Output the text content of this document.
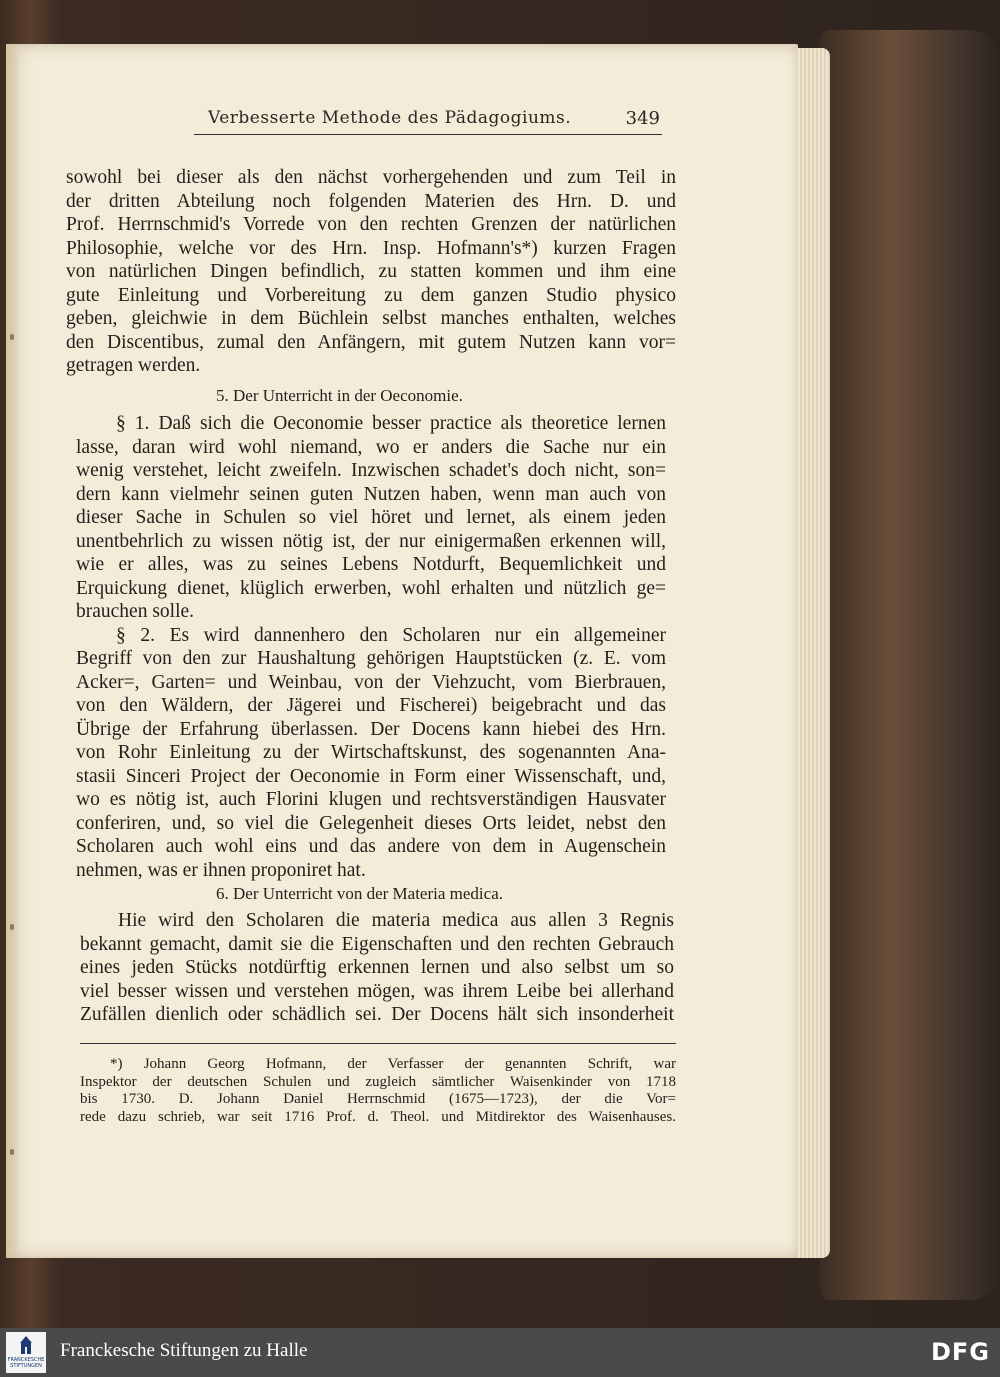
Verbesserte Methode des Pädagogiums.	349

sowohl bei dieser als den nächst vorhergehenden und zum Teil in
der dritten Abteilung noch folgenden Materien des Hrn. D. und
Prof. Herrnschmid's Vorrede von den rechten Grenzen der natürlichen
Philosophie, welche vor des Hrn. Insp. Hofmann's*) kurzen Fragen
von natürlichen Dingen befindlich, zu statten kommen und ihm eine
gute Einleitung und Vorbereitung zu dem ganzen Studio physico
geben, gleichwie in dem Büchlein selbst manches enthalten, welches
den Discentibus, zumal den Anfängern, mit gutem Nutzen kann vor=
getragen werden.

5. Der Unterricht in der Oeconomie.

§ 1. Daß sich die Oeconomie besser practice als theoretice lernen
lasse, daran wird wohl niemand, wo er anders die Sache nur ein
wenig verstehet, leicht zweifeln. Inzwischen schadet's doch nicht, son=
dern kann vielmehr seinen guten Nutzen haben, wenn man auch von
dieser Sache in Schulen so viel höret und lernet, als einem jeden
unentbehrlich zu wissen nötig ist, der nur einigermaßen erkennen will,
wie er alles, was zu seines Lebens Notdurft, Bequemlichkeit und
Erquickung dienet, klüglich erwerben, wohl erhalten und nützlich ge=
brauchen solle.

§ 2. Es wird dannenhero den Scholaren nur ein allgemeiner
Begriff von den zur Haushaltung gehörigen Hauptstücken (z. E. vom
Acker=, Garten= und Weinbau, von der Viehzucht, vom Bierbrauen,
von den Wäldern, der Jägerei und Fischerei) beigebracht und das
Übrige der Erfahrung überlassen. Der Docens kann hiebei des Hrn.
von Rohr Einleitung zu der Wirtschaftskunst, des sogenannten Ana-
stasii Sinceri Project der Oeconomie in Form einer Wissenschaft, und,
wo es nötig ist, auch Florini klugen und rechtsverständigen Hausvater
conferiren, und, so viel die Gelegenheit dieses Orts leidet, nebst den
Scholaren auch wohl eins und das andere von dem in Augenschein
nehmen, was er ihnen proponiret hat.

6. Der Unterricht von der Materia medica.

Hie wird den Scholaren die materia medica aus allen 3 Regnis
bekannt gemacht, damit sie die Eigenschaften und den rechten Gebrauch
eines jeden Stücks notdürftig erkennen lernen und also selbst um so
viel besser wissen und verstehen mögen, was ihrem Leibe bei allerhand
Zufällen dienlich oder schädlich sei. Der Docens hält sich insonderheit

*) Johann Georg Hofmann, der Verfasser der genannten Schrift, war
Inspektor der deutschen Schulen und zugleich sämtlicher Waisenkinder von 1718
bis 1730. D. Johann Daniel Herrnschmid (1675—1723), der die Vor=
rede dazu schrieb, war seit 1716 Prof. d. Theol. und Mitdirektor des Waisenhauses.
FRANCKESCHE
STIFTUNGEN
Franckesche Stiftungen zu Halle	DFG
